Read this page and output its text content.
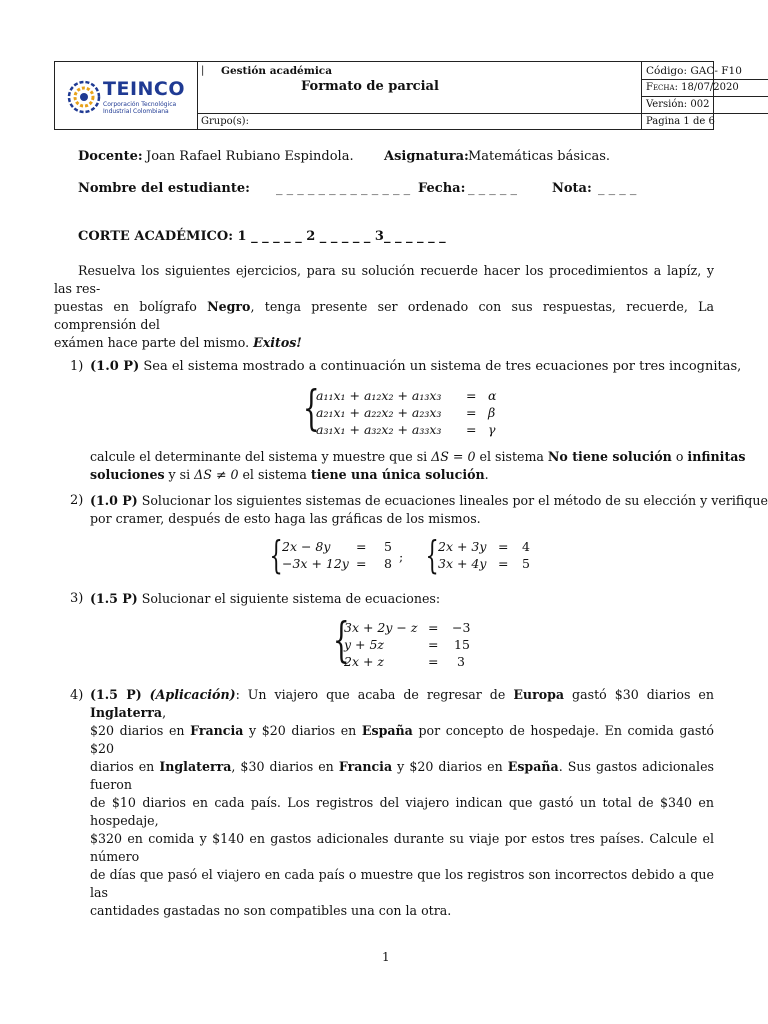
TEINCO
Corporación Tecnológica
Industrial Colombiana
| Gestión académica
Formato de parcial
Grupo(s):
Código: GAC- F10
Fecha: 18/07/2020
Versión: 002
Pagina 1 de 6
Docente: Joan Rafael Rubiano Espindola. Asignatura: Matemáticas básicas.
Nombre del estudiante: _ _ _ _ _ _ _ _ _ _ _ _ _ Fecha: _ _ _ _ _	Nota: _ _ _ _
CORTE ACADÉMICO: 1 _ _ _ _ _ 2 _ _ _ _ _ 3_ _ _ _ _ _
Resuelva los siguientes ejercicios, para su solución recuerde hacer los procedimientos a lapíz, y las res-
puestas en bolígrafo Negro, tenga presente ser ordenado con sus respuestas, recuerde, La comprensión del
exámen hace parte del mismo. Exitos!
1) (1.0 P) Sea el sistema mostrado a continuación un sistema de tres ecuaciones por tres incognitas,
{
a₁₁x₁ + a₁₂x₂ + a₁₃x₃
a₂₁x₁ + a₂₂x₂ + a₂₃x₃
a₃₁x₁ + a₃₂x₂ + a₃₃x₃
=
=
=
α
β
γ
calcule el determinante del sistema y muestre que si ΔS = 0 el sistema No tiene solución o infinitas
soluciones y si ΔS ≠ 0 el sistema tiene una única solución.
2) (1.0 P) Solucionar los siguientes sistemas de ecuaciones lineales por el método de su elección y verifique
por cramer, después de esto haga las gráficas de los mismos.
{ 2x − 8y
−3x + 12y
=
=
5
8 ; { 2x + 3y
3x + 4y
=
=
4
5
3) (1.5 P) Solucionar el siguiente sistema de ecuaciones:
{
3x + 2y − z
y + 5z
2x + z
=
=
=
−3
15
3
4) (1.5 P) (Aplicación): Un viajero que acaba de regresar de Europa gastó $30 diarios en Inglaterra,
$20 diarios en Francia y $20 diarios en España por concepto de hospedaje. En comida gastó $20
diarios en Inglaterra, $30 diarios en Francia y $20 diarios en España. Sus gastos adicionales fueron
de $10 diarios en cada país. Los registros del viajero indican que gastó un total de $340 en hospedaje,
$320 en comida y $140 en gastos adicionales durante su viaje por estos tres países. Calcule el número
de días que pasó el viajero en cada país o muestre que los registros son incorrectos debido a que las
cantidades gastadas no son compatibles una con la otra.
1
